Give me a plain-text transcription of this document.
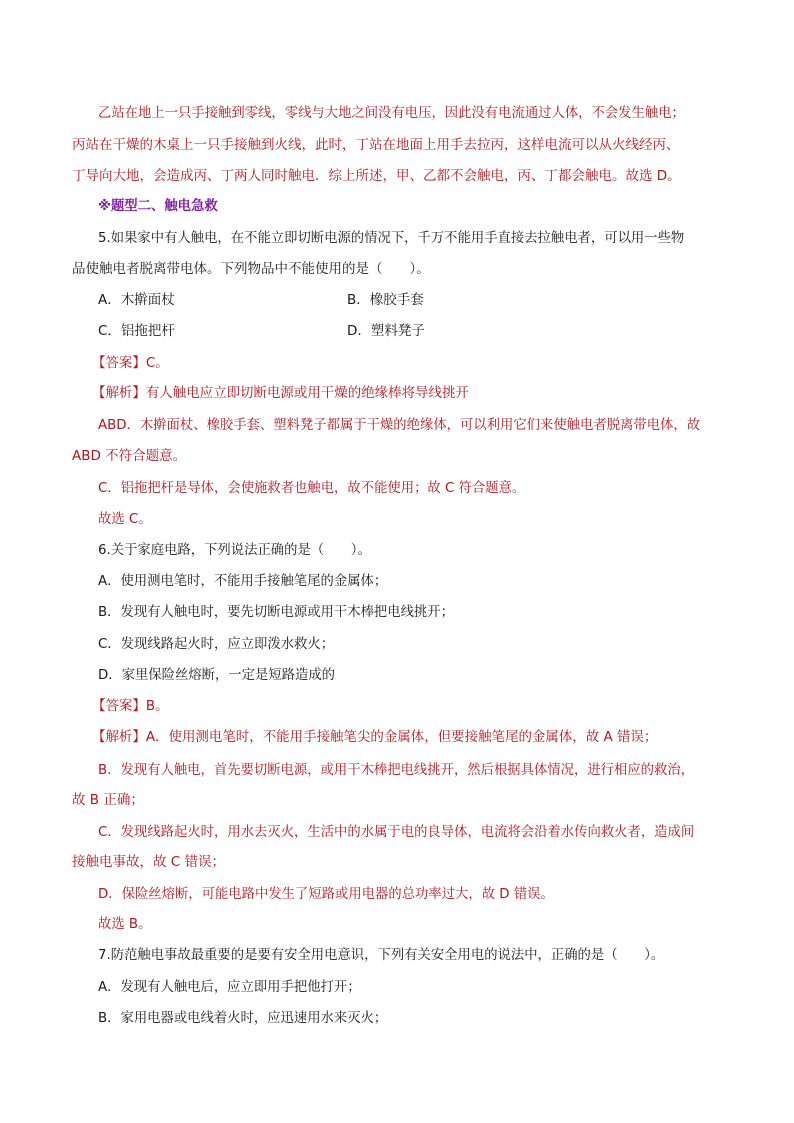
乙站在地上一只手接触到零线，零线与大地之间没有电压，因此没有电流通过人体，不会发生触电；
丙站在干燥的木桌上一只手接触到火线，此时，丁站在地面上用手去拉丙，这样电流可以从火线经丙、
丁导向大地，会造成丙、丁两人同时触电．综上所述，甲、乙都不会触电，丙、丁都会触电。故选 D。
※题型二、触电急救
5.如果家中有人触电，在不能立即切断电源的情况下，千万不能用手直接去拉触电者，可以用一些物
品使触电者脱离带电体。下列物品中不能使用的是（　　）。
A．木擀面杖	B．橡胶手套
C．铝拖把杆	D．塑料凳子
【答案】C。
【解析】有人触电应立即切断电源或用干燥的绝缘棒将导线挑开
ABD．木擀面杖、橡胶手套、塑料凳子都属于干燥的绝缘体，可以利用它们来使触电者脱离带电体，故
ABD 不符合题意。
C．铝拖把杆是导体，会使施救者也触电，故不能使用；故 C 符合题意。
故选 C。
6.关于家庭电路，下列说法正确的是（　　）。
A．使用测电笔时，不能用手接触笔尾的金属体；
B．发现有人触电时，要先切断电源或用干木棒把电线挑开；
C．发现线路起火时，应立即泼水救火；
D．家里保险丝熔断，一定是短路造成的
【答案】B。
【解析】A．使用测电笔时，不能用手接触笔尖的金属体，但要接触笔尾的金属体，故 A 错误；
B．发现有人触电，首先要切断电源，或用干木棒把电线挑开，然后根据具体情况，进行相应的救治，
故 B 正确；
C．发现线路起火时，用水去灭火，生活中的水属于电的良导体，电流将会沿着水传向救火者，造成间
接触电事故，故 C 错误；
D．保险丝熔断，可能电路中发生了短路或用电器的总功率过大，故 D 错误。
故选 B。
7.防范触电事故最重要的是要有安全用电意识，下列有关安全用电的说法中，正确的是（　　）。
A．发现有人触电后，应立即用手把他打开；
B．家用电器或电线着火时，应迅速用水来灭火；
